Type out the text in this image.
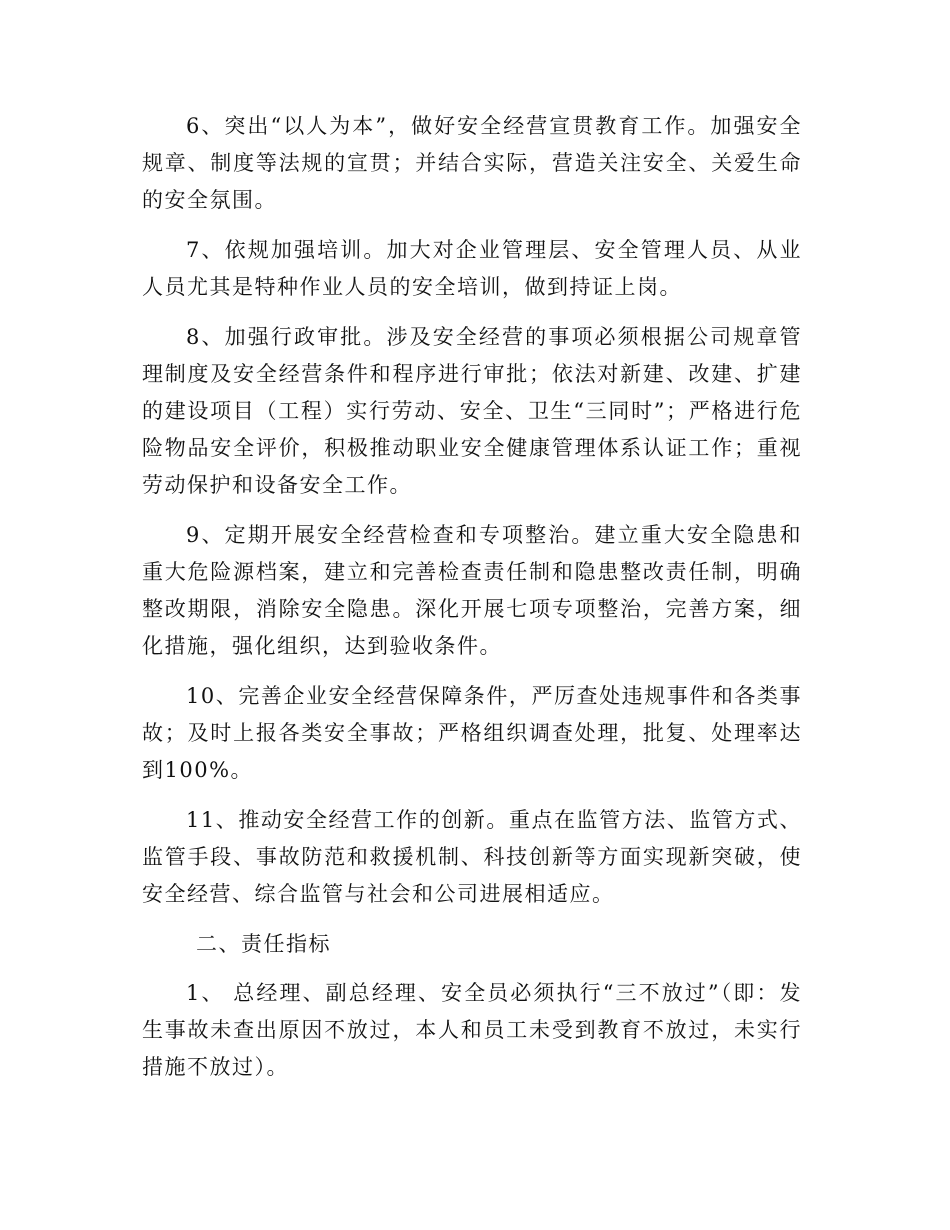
6、突出“以人为本”，做好安全经营宣贯教育工作。加强安全规章、制度等法规的宣贯；并结合实际，营造关注安全、关爱生命的安全氛围。

7、依规加强培训。加大对企业管理层、安全管理人员、从业人员尤其是特种作业人员的安全培训，做到持证上岗。

8、加强行政审批。涉及安全经营的事项必须根据公司规章管理制度及安全经营条件和程序进行审批；依法对新建、改建、扩建的建设项目（工程）实行劳动、安全、卫生“三同时”；严格进行危险物品安全评价，积极推动职业安全健康管理体系认证工作；重视劳动保护和设备安全工作。

9、定期开展安全经营检查和专项整治。建立重大安全隐患和重大危险源档案，建立和完善检查责任制和隐患整改责任制，明确整改期限，消除安全隐患。深化开展七项专项整治，完善方案，细化措施，强化组织，达到验收条件。

10、完善企业安全经营保障条件，严厉查处违规事件和各类事故；及时上报各类安全事故；严格组织调查处理，批复、处理率达到100%。

11、推动安全经营工作的创新。重点在监管方法、监管方式、监管手段、事故防范和救援机制、科技创新等方面实现新突破，使安全经营、综合监管与社会和公司进展相适应。

二、责任指标

1、 总经理、副总经理、安全员必须执行“三不放过”（即：发生事故未查出原因不放过，本人和员工未受到教育不放过，未实行措施不放过）。
